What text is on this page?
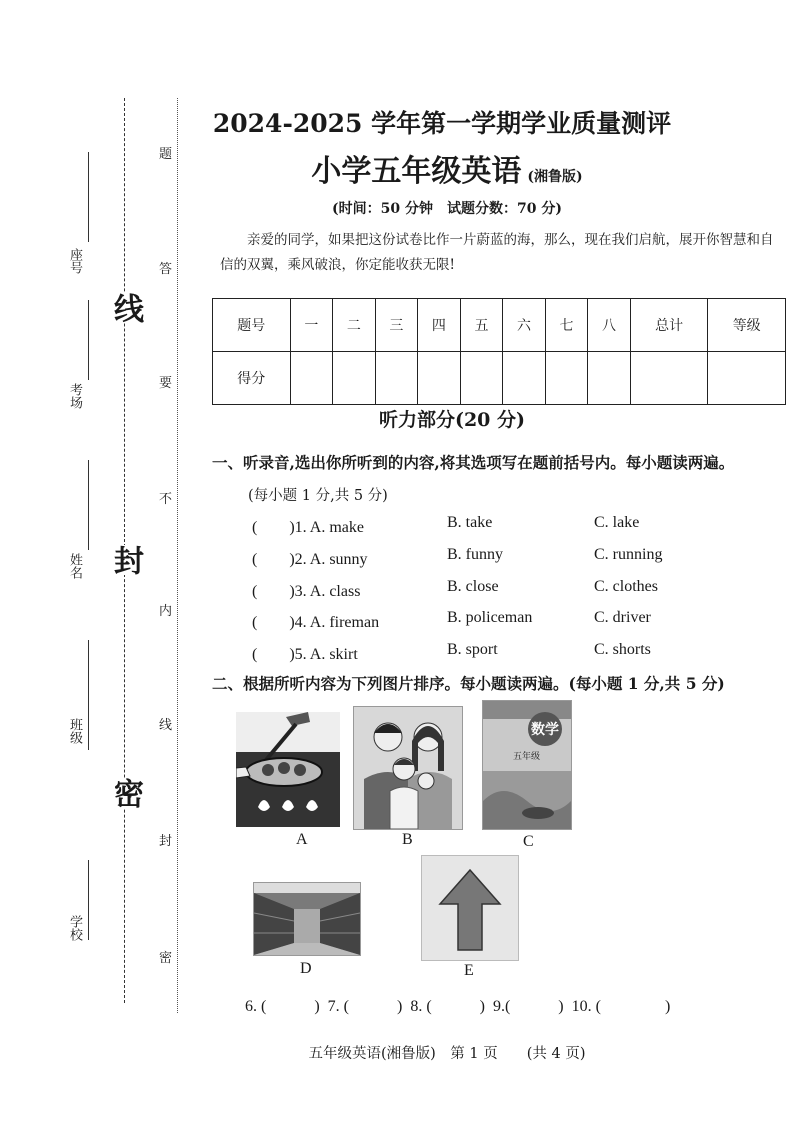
学校
班级
姓名
考场
座号
密
封
线
密
封
线
内
不
要
答
题
2024-2025 学年第一学期学业质量测评
小学五年级英语 (湘鲁版)
(时间：50 分钟　试题分数：70 分)
亲爱的同学，如果把这份试卷比作一片蔚蓝的海，那么，现在我们启航，展开你智慧和自信的双翼，乘风破浪，你定能收获无限!
题号	一	二	三	四	五	六	七	八	总计	等级
得分										
听力部分(20 分)
一、听录音,选出你所听到的内容,将其选项写在题前括号内。每小题读两遍。
(每小题 1 分,共 5 分)
(　　)1. A. make	B. take	C. lake
(　　)2. A. sunny	B. funny	C. running
(　　)3. A. class	B. close	C. clothes
(　　)4. A. fireman	B. policeman	C. driver
(　　)5. A. skirt	B. sport	C. shorts
二、根据所听内容为下列图片排序。每小题读两遍。(每小题 1 分,共 5 分)
A	B
数学
五年级
C
D	E
6. (　　　)  7. (　　　)  8. (　　　)  9.(　　　)  10. (　　　　)
五年级英语(湘鲁版)　第 1 页　　(共 4 页)
